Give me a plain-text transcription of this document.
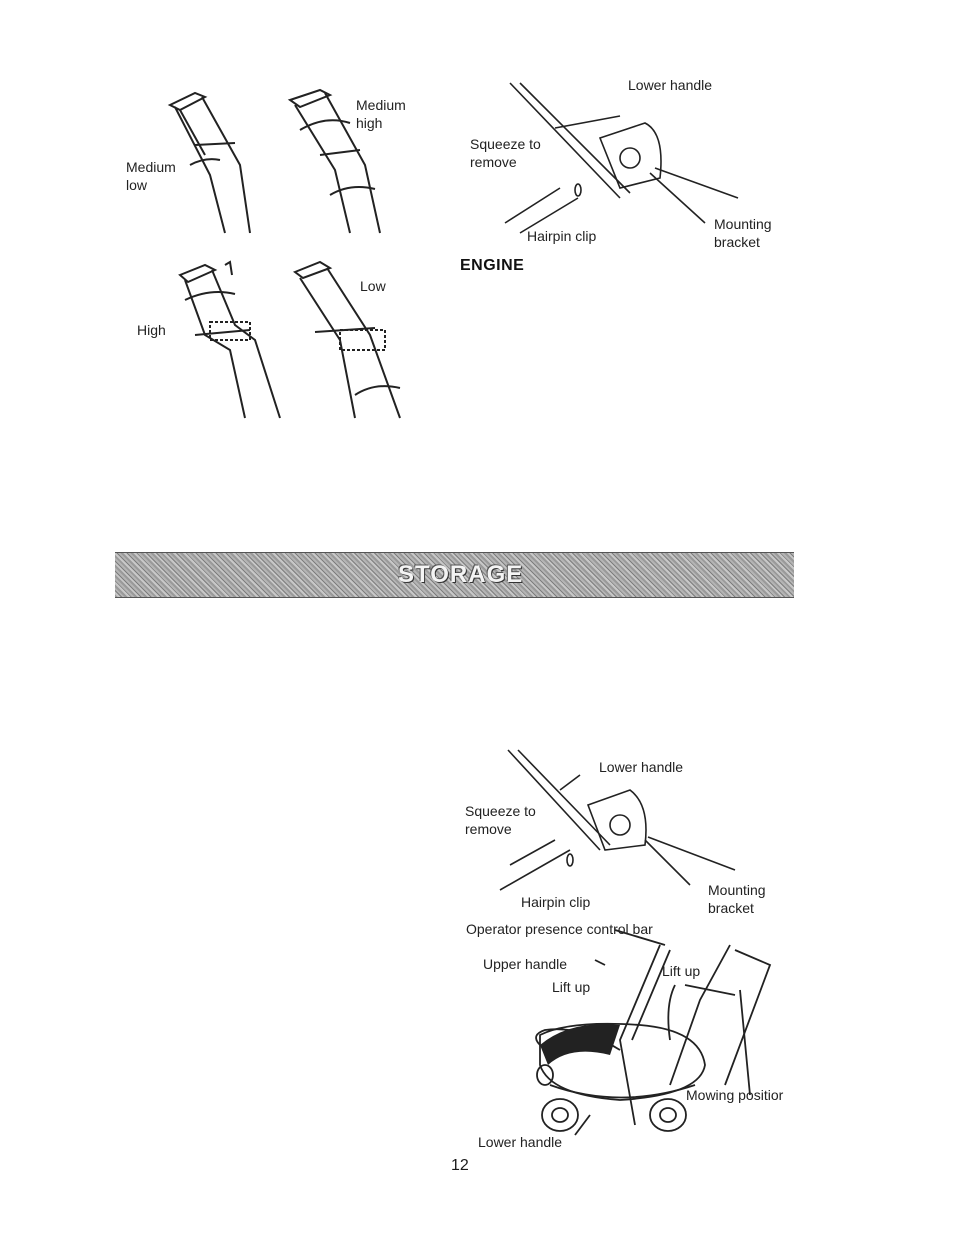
Medium
low
Medium
high
High
Low
Lower handle
Squeeze to
remove
Hairpin clip
Mounting
bracket
ENGINE
STORAGE
Lower handle
Squeeze to
remove
Hairpin clip
Mounting
bracket
Operator presence control bar
Upper handle
Lift up
Lift up
Mowing positior
Lower handle
12
